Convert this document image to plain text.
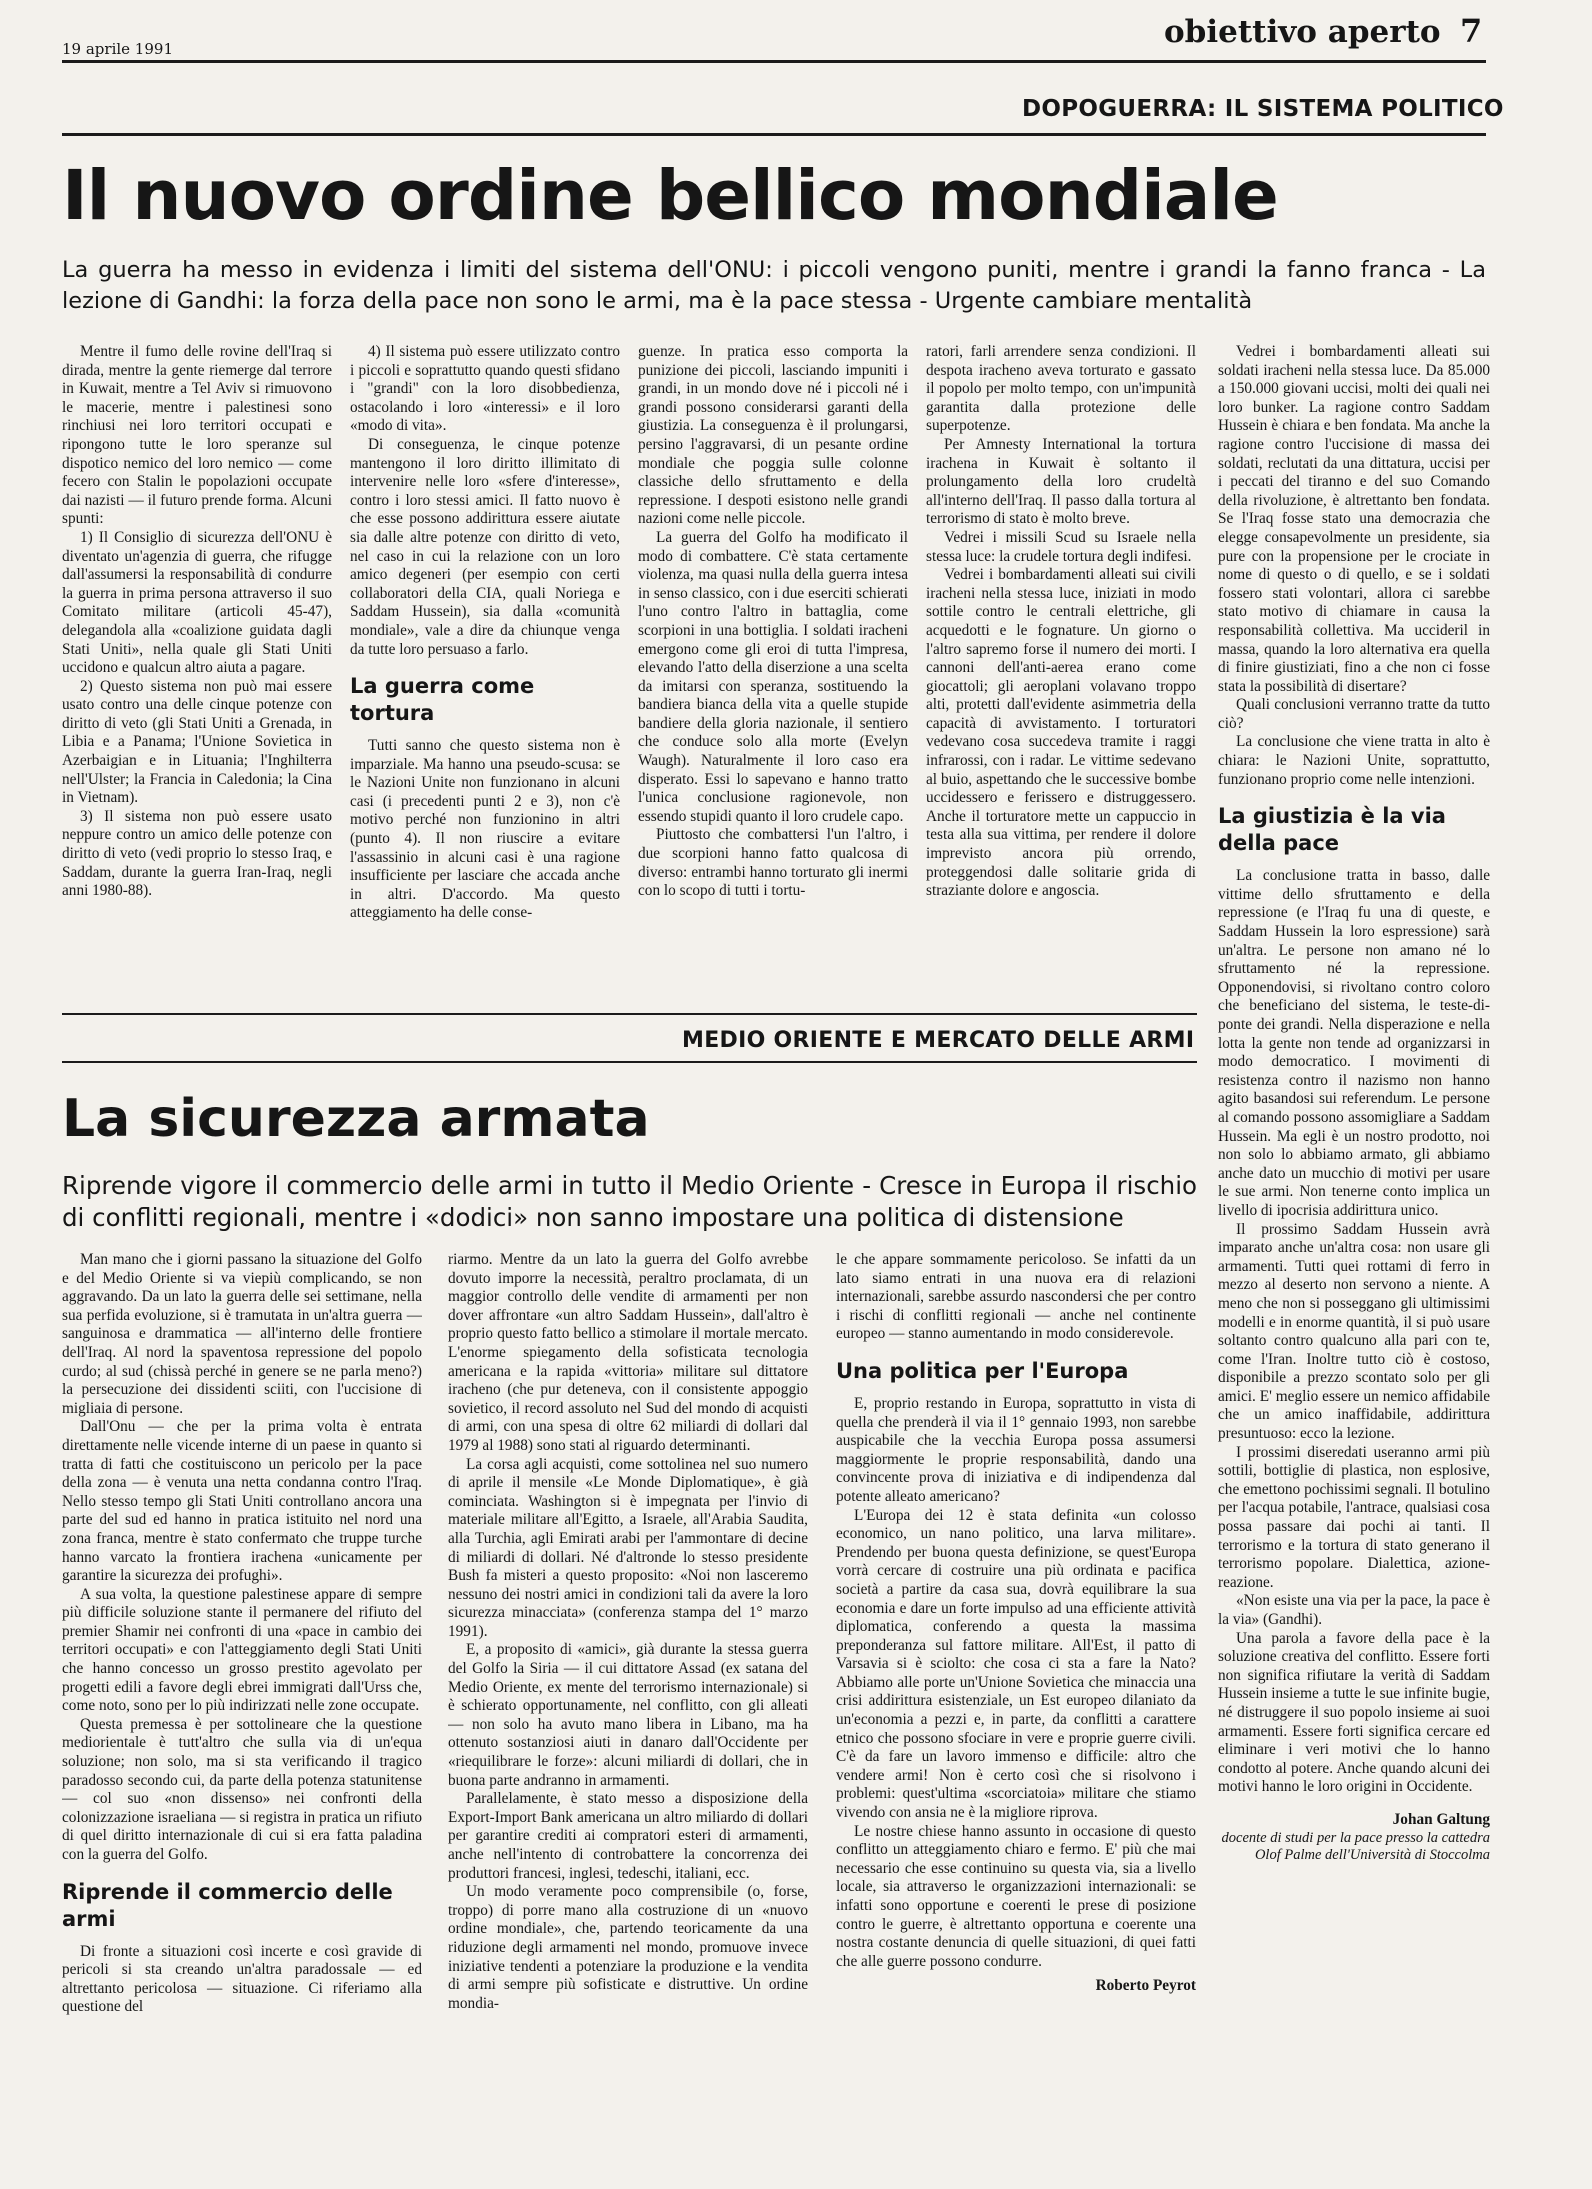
19 aprile 1991	obiettivo aperto 7
DOPOGUERRA: IL SISTEMA POLITICO
Il nuovo ordine bellico mondiale
La guerra ha messo in evidenza i limiti del sistema dell'ONU: i piccoli vengono puniti, mentre i grandi la fanno franca - La lezione di Gandhi: la forza della pace non sono le armi, ma è la pace stessa - Urgente cambiare mentalità

Mentre il fumo delle rovine dell'Iraq si dirada, mentre la gente riemerge dal terrore in Kuwait, mentre a Tel Aviv si rimuovono le macerie, mentre i palestinesi sono rinchiusi nei loro territori occupati e ripongono tutte le loro speranze sul dispotico nemico del loro nemico — come fecero con Stalin le popolazioni occupate dai nazisti — il futuro prende forma. Alcuni spunti:

1) Il Consiglio di sicurezza dell'ONU è diventato un'agenzia di guerra, che rifugge dall'assumersi la responsabilità di condurre la guerra in prima persona attraverso il suo Comitato militare (articoli 45-47), delegandola alla «coalizione guidata dagli Stati Uniti», nella quale gli Stati Uniti uccidono e qualcun altro aiuta a pagare.

2) Questo sistema non può mai essere usato contro una delle cinque potenze con diritto di veto (gli Stati Uniti a Grenada, in Libia e a Panama; l'Unione Sovietica in Azerbaigian e in Lituania; l'Inghilterra nell'Ulster; la Francia in Caledonia; la Cina in Vietnam).

3) Il sistema non può essere usato neppure contro un amico delle potenze con diritto di veto (vedi proprio lo stesso Iraq, e Saddam, durante la guerra Iran-Iraq, negli anni 1980-88).

4) Il sistema può essere utilizzato contro i piccoli e soprattutto quando questi sfidano i "grandi" con la loro disobbedienza, ostacolando i loro «interessi» e il loro «modo di vita».

Di conseguenza, le cinque potenze mantengono il loro diritto illimitato di intervenire nelle loro «sfere d'interesse», contro i loro stessi amici. Il fatto nuovo è che esse possono addirittura essere aiutate sia dalle altre potenze con diritto di veto, nel caso in cui la relazione con un loro amico degeneri (per esempio con certi collaboratori della CIA, quali Noriega e Saddam Hussein), sia dalla «comunità mondiale», vale a dire da chiunque venga da tutte loro persuaso a farlo.

La guerra come tortura

Tutti sanno che questo sistema non è imparziale. Ma hanno una pseudo-scusa: se le Nazioni Unite non funzionano in alcuni casi (i precedenti punti 2 e 3), non c'è motivo perché non funzionino in altri (punto 4). Il non riuscire a evitare l'assassinio in alcuni casi è una ragione insufficiente per lasciare che accada anche in altri. D'accordo. Ma questo atteggiamento ha delle conse-

guenze. In pratica esso comporta la punizione dei piccoli, lasciando impuniti i grandi, in un mondo dove né i piccoli né i grandi possono considerarsi garanti della giustizia. La conseguenza è il prolungarsi, persino l'aggravarsi, di un pesante ordine mondiale che poggia sulle colonne classiche dello sfruttamento e della repressione. I despoti esistono nelle grandi nazioni come nelle piccole.

La guerra del Golfo ha modificato il modo di combattere. C'è stata certamente violenza, ma quasi nulla della guerra intesa in senso classico, con i due eserciti schierati l'uno contro l'altro in battaglia, come scorpioni in una bottiglia. I soldati iracheni emergono come gli eroi di tutta l'impresa, elevando l'atto della diserzione a una scelta da imitarsi con speranza, sostituendo la bandiera bianca della vita a quelle stupide bandiere della gloria nazionale, il sentiero che conduce solo alla morte (Evelyn Waugh). Naturalmente il loro caso era disperato. Essi lo sapevano e hanno tratto l'unica conclusione ragionevole, non essendo stupidi quanto il loro crudele capo.

Piuttosto che combattersi l'un l'altro, i due scorpioni hanno fatto qualcosa di diverso: entrambi hanno torturato gli inermi con lo scopo di tutti i tortu-

ratori, farli arrendere senza condizioni. Il despota iracheno aveva torturato e gassato il popolo per molto tempo, con un'impunità garantita dalla protezione delle superpotenze.

Per Amnesty International la tortura irachena in Kuwait è soltanto il prolungamento della loro crudeltà all'interno dell'Iraq. Il passo dalla tortura al terrorismo di stato è molto breve.

Vedrei i missili Scud su Israele nella stessa luce: la crudele tortura degli indifesi.

Vedrei i bombardamenti alleati sui civili iracheni nella stessa luce, iniziati in modo sottile contro le centrali elettriche, gli acquedotti e le fognature. Un giorno o l'altro sapremo forse il numero dei morti. I cannoni dell'anti-aerea erano come giocattoli; gli aeroplani volavano troppo alti, protetti dall'evidente asimmetria della capacità di avvistamento. I torturatori vedevano cosa succedeva tramite i raggi infrarossi, con i radar. Le vittime sedevano al buio, aspettando che le successive bombe uccidessero e ferissero e distruggessero. Anche il torturatore mette un cappuccio in testa alla sua vittima, per rendere il dolore imprevisto ancora più orrendo, proteggendosi dalle solitarie grida di straziante dolore e angoscia.

Vedrei i bombardamenti alleati sui soldati iracheni nella stessa luce. Da 85.000 a 150.000 giovani uccisi, molti dei quali nei loro bunker. La ragione contro Saddam Hussein è chiara e ben fondata. Ma anche la ragione contro l'uccisione di massa dei soldati, reclutati da una dittatura, uccisi per i peccati del tiranno e del suo Comando della rivoluzione, è altrettanto ben fondata. Se l'Iraq fosse stato una democrazia che elegge consapevolmente un presidente, sia pure con la propensione per le crociate in nome di questo o di quello, e se i soldati fossero stati volontari, allora ci sarebbe stato motivo di chiamare in causa la responsabilità collettiva. Ma uccideril in massa, quando la loro alternativa era quella di finire giustiziati, fino a che non ci fosse stata la possibilità di disertare?

Quali conclusioni verranno tratte da tutto ciò?

La conclusione che viene tratta in alto è chiara: le Nazioni Unite, soprattutto, funzionano proprio come nelle intenzioni.

La giustizia è la via della pace

La conclusione tratta in basso, dalle vittime dello sfruttamento e della repressione (e l'Iraq fu una di queste, e Saddam Hussein la loro espressione) sarà un'altra. Le persone non amano né lo sfruttamento né la repressione. Opponendovisi, si rivoltano contro coloro che beneficiano del sistema, le teste-di-ponte dei grandi. Nella disperazione e nella lotta la gente non tende ad organizzarsi in modo democratico. I movimenti di resistenza contro il nazismo non hanno agito basandosi sui referendum. Le persone al comando possono assomigliare a Saddam Hussein. Ma egli è un nostro prodotto, noi non solo lo abbiamo armato, gli abbiamo anche dato un mucchio di motivi per usare le sue armi. Non tenerne conto implica un livello di ipocrisia addirittura unico.

Il prossimo Saddam Hussein avrà imparato anche un'altra cosa: non usare gli armamenti. Tutti quei rottami di ferro in mezzo al deserto non servono a niente. A meno che non si posseggano gli ultimissimi modelli e in enorme quantità, il si può usare soltanto contro qualcuno alla pari con te, come l'Iran. Inoltre tutto ciò è costoso, disponibile a prezzo scontato solo per gli amici. E' meglio essere un nemico affidabile che un amico inaffidabile, addirittura presuntuoso: ecco la lezione.

I prossimi diseredati useranno armi più sottili, bottiglie di plastica, non esplosive, che emettono pochissimi segnali. Il botulino per l'acqua potabile, l'antrace, qualsiasi cosa possa passare dai pochi ai tanti. Il terrorismo e la tortura di stato generano il terrorismo popolare. Dialettica, azione-reazione.

«Non esiste una via per la pace, la pace è la via» (Gandhi).

Una parola a favore della pace è la soluzione creativa del conflitto. Essere forti non significa rifiutare la verità di Saddam Hussein insieme a tutte le sue infinite bugie, né distruggere il suo popolo insieme ai suoi armamenti. Essere forti significa cercare ed eliminare i veri motivi che lo hanno condotto al potere. Anche quando alcuni dei motivi hanno le loro origini in Occidente.

Johan Galtung
docente di studi per la pace presso la cattedra Olof Palme dell'Università di Stoccolma
MEDIO ORIENTE E MERCATO DELLE ARMI
La sicurezza armata
Riprende vigore il commercio delle armi in tutto il Medio Oriente - Cresce in Europa il rischio di conflitti regionali, mentre i «dodici» non sanno impostare una politica di distensione

Man mano che i giorni passano la situazione del Golfo e del Medio Oriente si va viepiù complicando, se non aggravando. Da un lato la guerra delle sei settimane, nella sua perfida evoluzione, si è tramutata in un'altra guerra — sanguinosa e drammatica — all'interno delle frontiere dell'Iraq. Al nord la spaventosa repressione del popolo curdo; al sud (chissà perché in genere se ne parla meno?) la persecuzione dei dissidenti sciiti, con l'uccisione di migliaia di persone.

Dall'Onu — che per la prima volta è entrata direttamente nelle vicende interne di un paese in quanto si tratta di fatti che costituiscono un pericolo per la pace della zona — è venuta una netta condanna contro l'Iraq. Nello stesso tempo gli Stati Uniti controllano ancora una parte del sud ed hanno in pratica istituito nel nord una zona franca, mentre è stato confermato che truppe turche hanno varcato la frontiera irachena «unicamente per garantire la sicurezza dei profughi».

A sua volta, la questione palestinese appare di sempre più difficile soluzione stante il permanere del rifiuto del premier Shamir nei confronti di una «pace in cambio dei territori occupati» e con l'atteggiamento degli Stati Uniti che hanno concesso un grosso prestito agevolato per progetti edili a favore degli ebrei immigrati dall'Urss che, come noto, sono per lo più indirizzati nelle zone occupate.

Questa premessa è per sottolineare che la questione mediorientale è tutt'altro che sulla via di un'equa soluzione; non solo, ma si sta verificando il tragico paradosso secondo cui, da parte della potenza statunitense — col suo «non dissenso» nei confronti della colonizzazione israeliana — si registra in pratica un rifiuto di quel diritto internazionale di cui si era fatta paladina con la guerra del Golfo.

Riprende il commercio delle armi

Di fronte a situazioni così incerte e così gravide di pericoli si sta creando un'altra paradossale — ed altrettanto pericolosa — situazione. Ci riferiamo alla questione del

riarmo. Mentre da un lato la guerra del Golfo avrebbe dovuto imporre la necessità, peraltro proclamata, di un maggior controllo delle vendite di armamenti per non dover affrontare «un altro Saddam Hussein», dall'altro è proprio questo fatto bellico a stimolare il mortale mercato. L'enorme spiegamento della sofisticata tecnologia americana e la rapida «vittoria» militare sul dittatore iracheno (che pur deteneva, con il consistente appoggio sovietico, il record assoluto nel Sud del mondo di acquisti di armi, con una spesa di oltre 62 miliardi di dollari dal 1979 al 1988) sono stati al riguardo determinanti.

La corsa agli acquisti, come sottolinea nel suo numero di aprile il mensile «Le Monde Diplomatique», è già cominciata. Washington si è impegnata per l'invio di materiale militare all'Egitto, a Israele, all'Arabia Saudita, alla Turchia, agli Emirati arabi per l'ammontare di decine di miliardi di dollari. Né d'altronde lo stesso presidente Bush fa misteri a questo proposito: «Noi non lasceremo nessuno dei nostri amici in condizioni tali da avere la loro sicurezza minacciata» (conferenza stampa del 1° marzo 1991).

E, a proposito di «amici», già durante la stessa guerra del Golfo la Siria — il cui dittatore Assad (ex satana del Medio Oriente, ex mente del terrorismo internazionale) si è schierato opportunamente, nel conflitto, con gli alleati — non solo ha avuto mano libera in Libano, ma ha ottenuto sostanziosi aiuti in danaro dall'Occidente per «riequilibrare le forze»: alcuni miliardi di dollari, che in buona parte andranno in armamenti.

Parallelamente, è stato messo a disposizione della Export-Import Bank americana un altro miliardo di dollari per garantire crediti ai compratori esteri di armamenti, anche nell'intento di controbattere la concorrenza dei produttori francesi, inglesi, tedeschi, italiani, ecc.

Un modo veramente poco comprensibile (o, forse, troppo) di porre mano alla costruzione di un «nuovo ordine mondiale», che, partendo teoricamente da una riduzione degli armamenti nel mondo, promuove invece iniziative tendenti a potenziare la produzione e la vendita di armi sempre più sofisticate e distruttive. Un ordine mondia-

le che appare sommamente pericoloso. Se infatti da un lato siamo entrati in una nuova era di relazioni internazionali, sarebbe assurdo nascondersi che per contro i rischi di conflitti regionali — anche nel continente europeo — stanno aumentando in modo considerevole.

Una politica per l'Europa

E, proprio restando in Europa, soprattutto in vista di quella che prenderà il via il 1° gennaio 1993, non sarebbe auspicabile che la vecchia Europa possa assumersi maggiormente le proprie responsabilità, dando una convincente prova di iniziativa e di indipendenza dal potente alleato americano?

L'Europa dei 12 è stata definita «un colosso economico, un nano politico, una larva militare». Prendendo per buona questa definizione, se quest'Europa vorrà cercare di costruire una più ordinata e pacifica società a partire da casa sua, dovrà equilibrare la sua economia e dare un forte impulso ad una efficiente attività diplomatica, conferendo a questa la massima preponderanza sul fattore militare. All'Est, il patto di Varsavia si è sciolto: che cosa ci sta a fare la Nato? Abbiamo alle porte un'Unione Sovietica che minaccia una crisi addirittura esistenziale, un Est europeo dilaniato da un'economia a pezzi e, in parte, da conflitti a carattere etnico che possono sfociare in vere e proprie guerre civili. C'è da fare un lavoro immenso e difficile: altro che vendere armi! Non è certo così che si risolvono i problemi: quest'ultima «scorciatoia» militare che stiamo vivendo con ansia ne è la migliore riprova.

Le nostre chiese hanno assunto in occasione di questo conflitto un atteggiamento chiaro e fermo. E' più che mai necessario che esse continuino su questa via, sia a livello locale, sia attraverso le organizzazioni internazionali: se infatti sono opportune e coerenti le prese di posizione contro le guerre, è altrettanto opportuna e coerente una nostra costante denuncia di quelle situazioni, di quei fatti che alle guerre possono condurre.

Roberto Peyrot
